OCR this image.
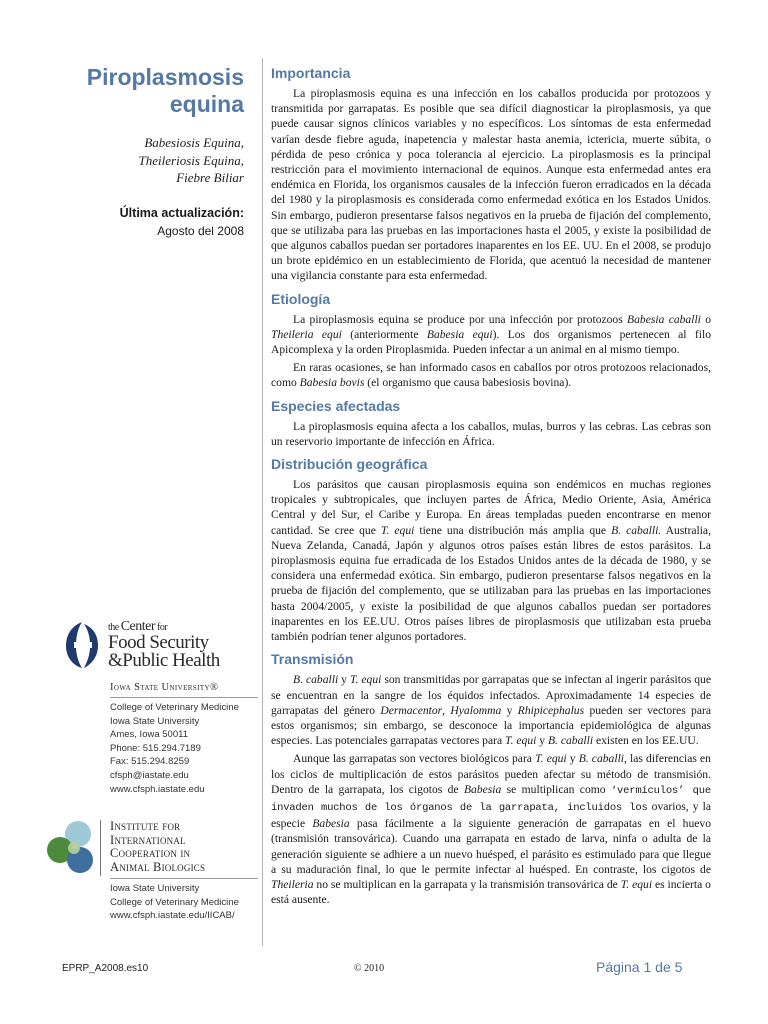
Piroplasmosis equina
Babesiosis Equina,
Theileriosis Equina,
Fiebre Biliar
Última actualización:
Agosto del 2008
the Center for
Food Security
&Public Health
Iowa State University®
College of Veterinary Medicine
Iowa State University
Ames, Iowa 50011
Phone: 515.294.7189
Fax: 515.294.8259
cfsph@iastate.edu
www.cfsph.iastate.edu
Institute for
International
Cooperation in
Animal Biologics
Iowa State University
College of Veterinary Medicine
www.cfsph.iastate.edu/IICAB/
Importancia

La piroplasmosis equina es una infección en los caballos producida por protozoos y transmitida por garrapatas. Es posible que sea difícil diagnosticar la piroplasmosis, ya que puede causar signos clínicos variables y no específicos. Los síntomas de esta enfermedad varían desde fiebre aguda, inapetencia y malestar hasta anemia, ictericia, muerte súbita, o pérdida de peso crónica y poca tolerancia al ejercicio. La piroplasmosis es la principal restricción para el movimiento internacional de equinos. Aunque esta enfermedad antes era endémica en Florida, los organismos causales de la infección fueron erradicados en la década del 1980 y la piroplasmosis es considerada como enfermedad exótica en los Estados Unidos. Sin embargo, pudieron presentarse falsos negativos en la prueba de fijación del complemento, que se utilizaba para las pruebas en las importaciones hasta el 2005, y existe la posibilidad de que algunos caballos puedan ser portadores inaparentes en los EE. UU. En el 2008, se produjo un brote epidémico en un establecimiento de Florida, que acentuó la necesidad de mantener una vigilancia constante para esta enfermedad.

Etiología

La piroplasmosis equina se produce por una infección por protozoos Babesia caballi o Theileria equi (anteriormente Babesia equi). Los dos organismos pertenecen al filo Apicomplexa y la orden Piroplasmida. Pueden infectar a un animal en al mismo tiempo.

En raras ocasiones, se han informado casos en caballos por otros protozoos relacionados, como Babesia bovis (el organismo que causa babesiosis bovina).

Especies afectadas

La piroplasmosis equina afecta a los caballos, mulas, burros y las cebras. Las cebras son un reservorio importante de infección en África.

Distribución geográfica

Los parásitos que causan piroplasmosis equina son endémicos en muchas regiones tropicales y subtropicales, que incluyen partes de África, Medio Oriente, Asia, América Central y del Sur, el Caribe y Europa. En áreas templadas pueden encontrarse en menor cantidad. Se cree que T. equi tiene una distribución más amplia que B. caballi. Australia, Nueva Zelanda, Canadá, Japón y algunos otros países están libres de estos parásitos. La piroplasmosis equina fue erradicada de los Estados Unidos antes de la década de 1980, y se considera una enfermedad exótica. Sin embargo, pudieron presentarse falsos negativos en la prueba de fijación del complemento, que se utilizaban para las pruebas en las importaciones hasta 2004/2005, y existe la posibilidad de que algunos caballos puedan ser portadores inaparentes en los EE.UU. Otros países libres de piroplasmosis que utilizaban esta prueba también podrían tener algunos portadores.

Transmisión

B. caballi y T. equi son transmitidas por garrapatas que se infectan al ingerir parásitos que se encuentran en la sangre de los équidos infectados. Aproximadamente 14 especies de garrapatas del género Dermacentor, Hyalomma y Rhipicephalus pueden ser vectores para estos organismos; sin embargo, se desconoce la importancia epidemiológica de algunas especies. Las potenciales garrapatas vectores para T. equi y B. caballi existen en los EE.UU.

Aunque las garrapatas son vectores biológicos para T. equi y B. caballi, las diferencias en los ciclos de multiplicación de estos parásitos pueden afectar su método de transmisión. Dentro de la garrapata, los cigotos de Babesia se multiplican como ‘vermículos’ que invaden muchos de los órganos de la garrapata, incluidos los ovarios, y la especie Babesia pasa fácilmente a la siguiente generación de garrapatas en el huevo (transmisión transovárica). Cuando una garrapata en estado de larva, ninfa o adulta de la generación siguiente se adhiere a un nuevo huésped, el parásito es estimulado para que llegue a su maduración final, lo que le permite infectar al huésped. En contraste, los cigotos de Theileria no se multiplican en la garrapata y la transmisión transovárica de T. equi es incierta o está ausente.

EPRP_A2008.es10	© 2010	Página 1 de 5
